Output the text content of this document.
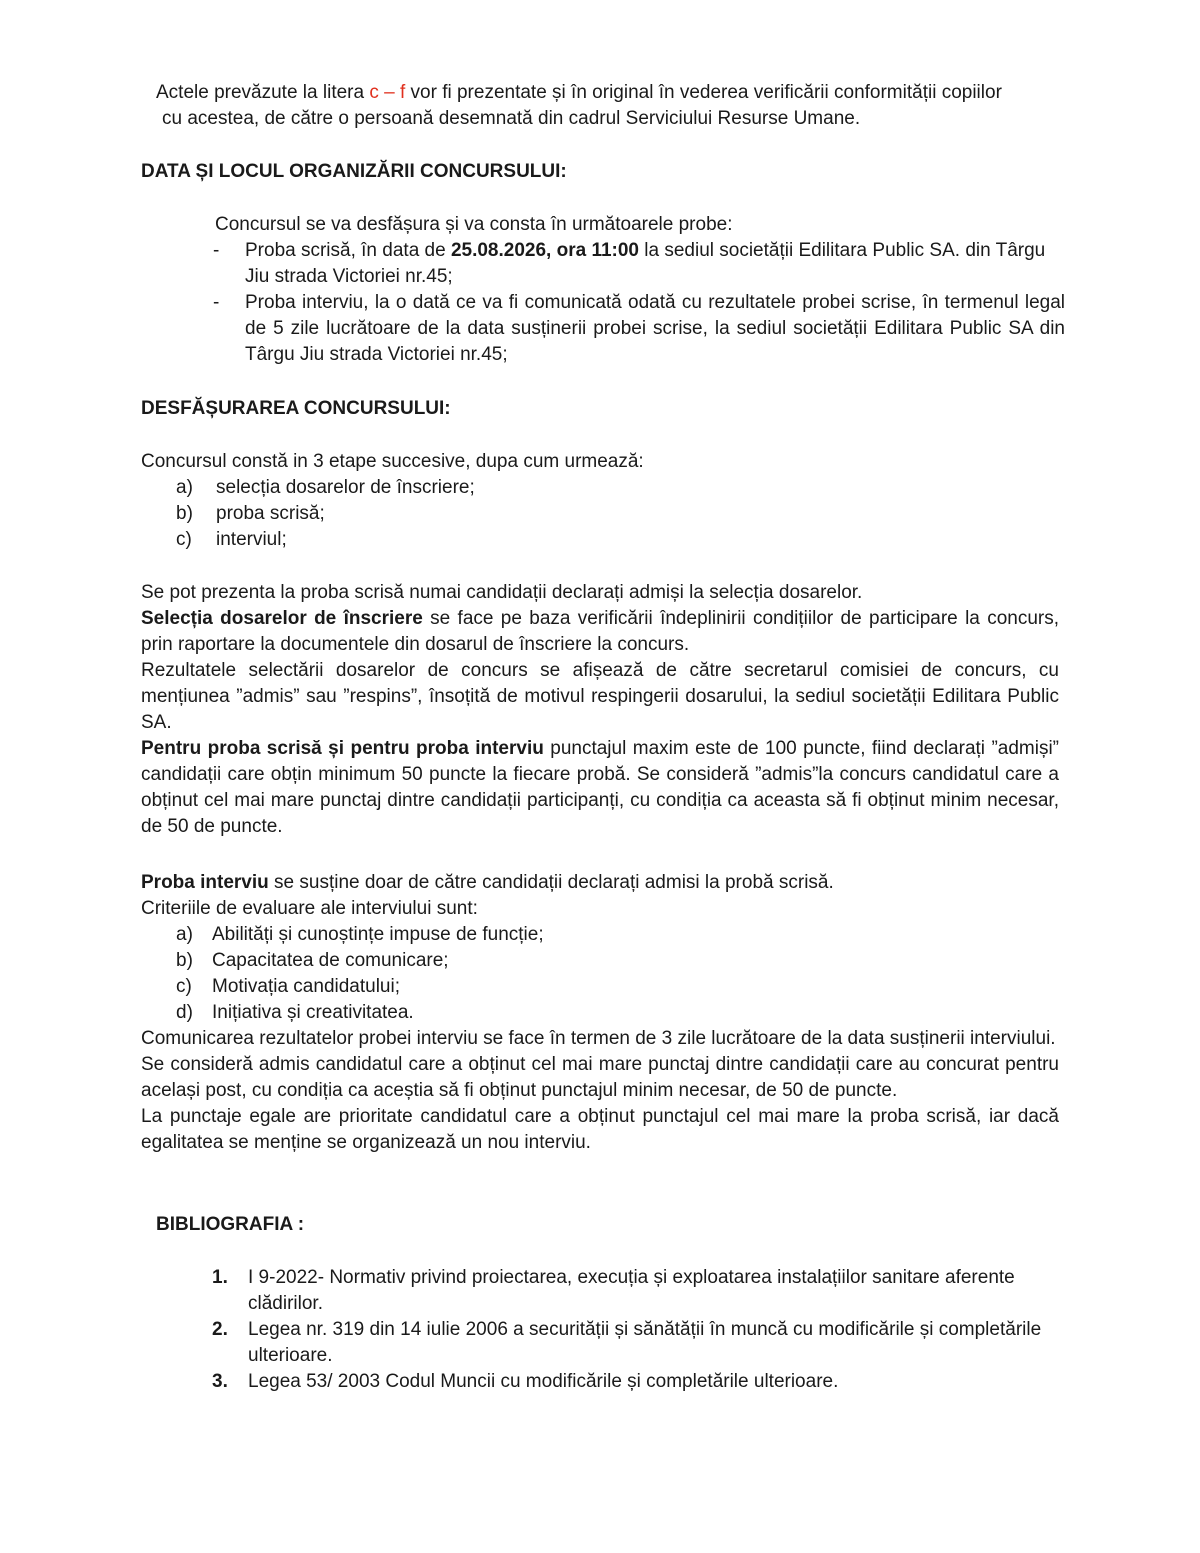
Actele prevăzute la litera c – f vor fi prezentate și în original în vederea verificării conformității copiilor

cu acestea, de către o persoană desemnată din cadrul Serviciului Resurse Umane.

DATA ȘI LOCUL ORGANIZĂRII CONCURSULUI:

Concursul se va desfășura și va consta în următoarele probe:

- Proba scrisă, în data de 25.08.2026, ora 11:00 la sediul societății Edilitara Public SA. din Târgu Jiu strada Victoriei nr.45;
- Proba interviu, la o dată ce va fi comunicată odată cu rezultatele probei scrise, în termenul legal de 5 zile lucrătoare de la data susținerii probei scrise, la sediul societății Edilitara Public SA din Târgu Jiu strada Victoriei nr.45;
DESFĂȘURAREA CONCURSULUI:

Concursul constă in 3 etape succesive, dupa cum urmează:

a) selecția dosarelor de înscriere;
b) proba scrisă;
c) interviul;

Se pot prezenta la proba scrisă numai candidații declarați admiși la selecția dosarelor.

Selecția dosarelor de înscriere se face pe baza verificării îndeplinirii condițiilor de participare la concurs, prin raportare la documentele din dosarul de înscriere la concurs.

Rezultatele selectării dosarelor de concurs se afișează de către secretarul comisiei de concurs, cu mențiunea ”admis” sau ”respins”, însoțită de motivul respingerii dosarului, la sediul societății Edilitara Public SA.

Pentru proba scrisă și pentru proba interviu punctajul maxim este de 100 puncte, fiind declarați ”admiși” candidații care obțin minimum 50 puncte la fiecare probă. Se consideră ”admis”la concurs candidatul care a obținut cel mai mare punctaj dintre candidații participanți, cu condiția ca aceasta să fi obținut minim necesar, de 50 de puncte.

Proba interviu se susține doar de către candidații declarați admisi la probă scrisă.

Criteriile de evaluare ale interviului sunt:

a) Abilități și cunoștințe impuse de funcție;
b) Capacitatea de comunicare;
c) Motivația candidatului;
d) Inițiativa și creativitatea.

Comunicarea rezultatelor probei interviu se face în termen de 3 zile lucrătoare de la data susținerii interviului.

Se consideră admis candidatul care a obținut cel mai mare punctaj dintre candidații care au concurat pentru același post, cu condiția ca aceștia să fi obținut punctajul minim necesar, de 50 de puncte.

La punctaje egale are prioritate candidatul care a obținut punctajul cel mai mare la proba scrisă, iar dacă egalitatea se menține se organizează un nou interviu.

BIBLIOGRAFIA :
1. I 9-2022- Normativ privind proiectarea, execuția și exploatarea instalațiilor sanitare aferente clădirilor.
2. Legea nr. 319 din 14 iulie 2006 a securității și sănătății în muncă cu modificările și completările ulterioare.
3. Legea 53/ 2003 Codul Muncii cu modificările și completările ulterioare.
